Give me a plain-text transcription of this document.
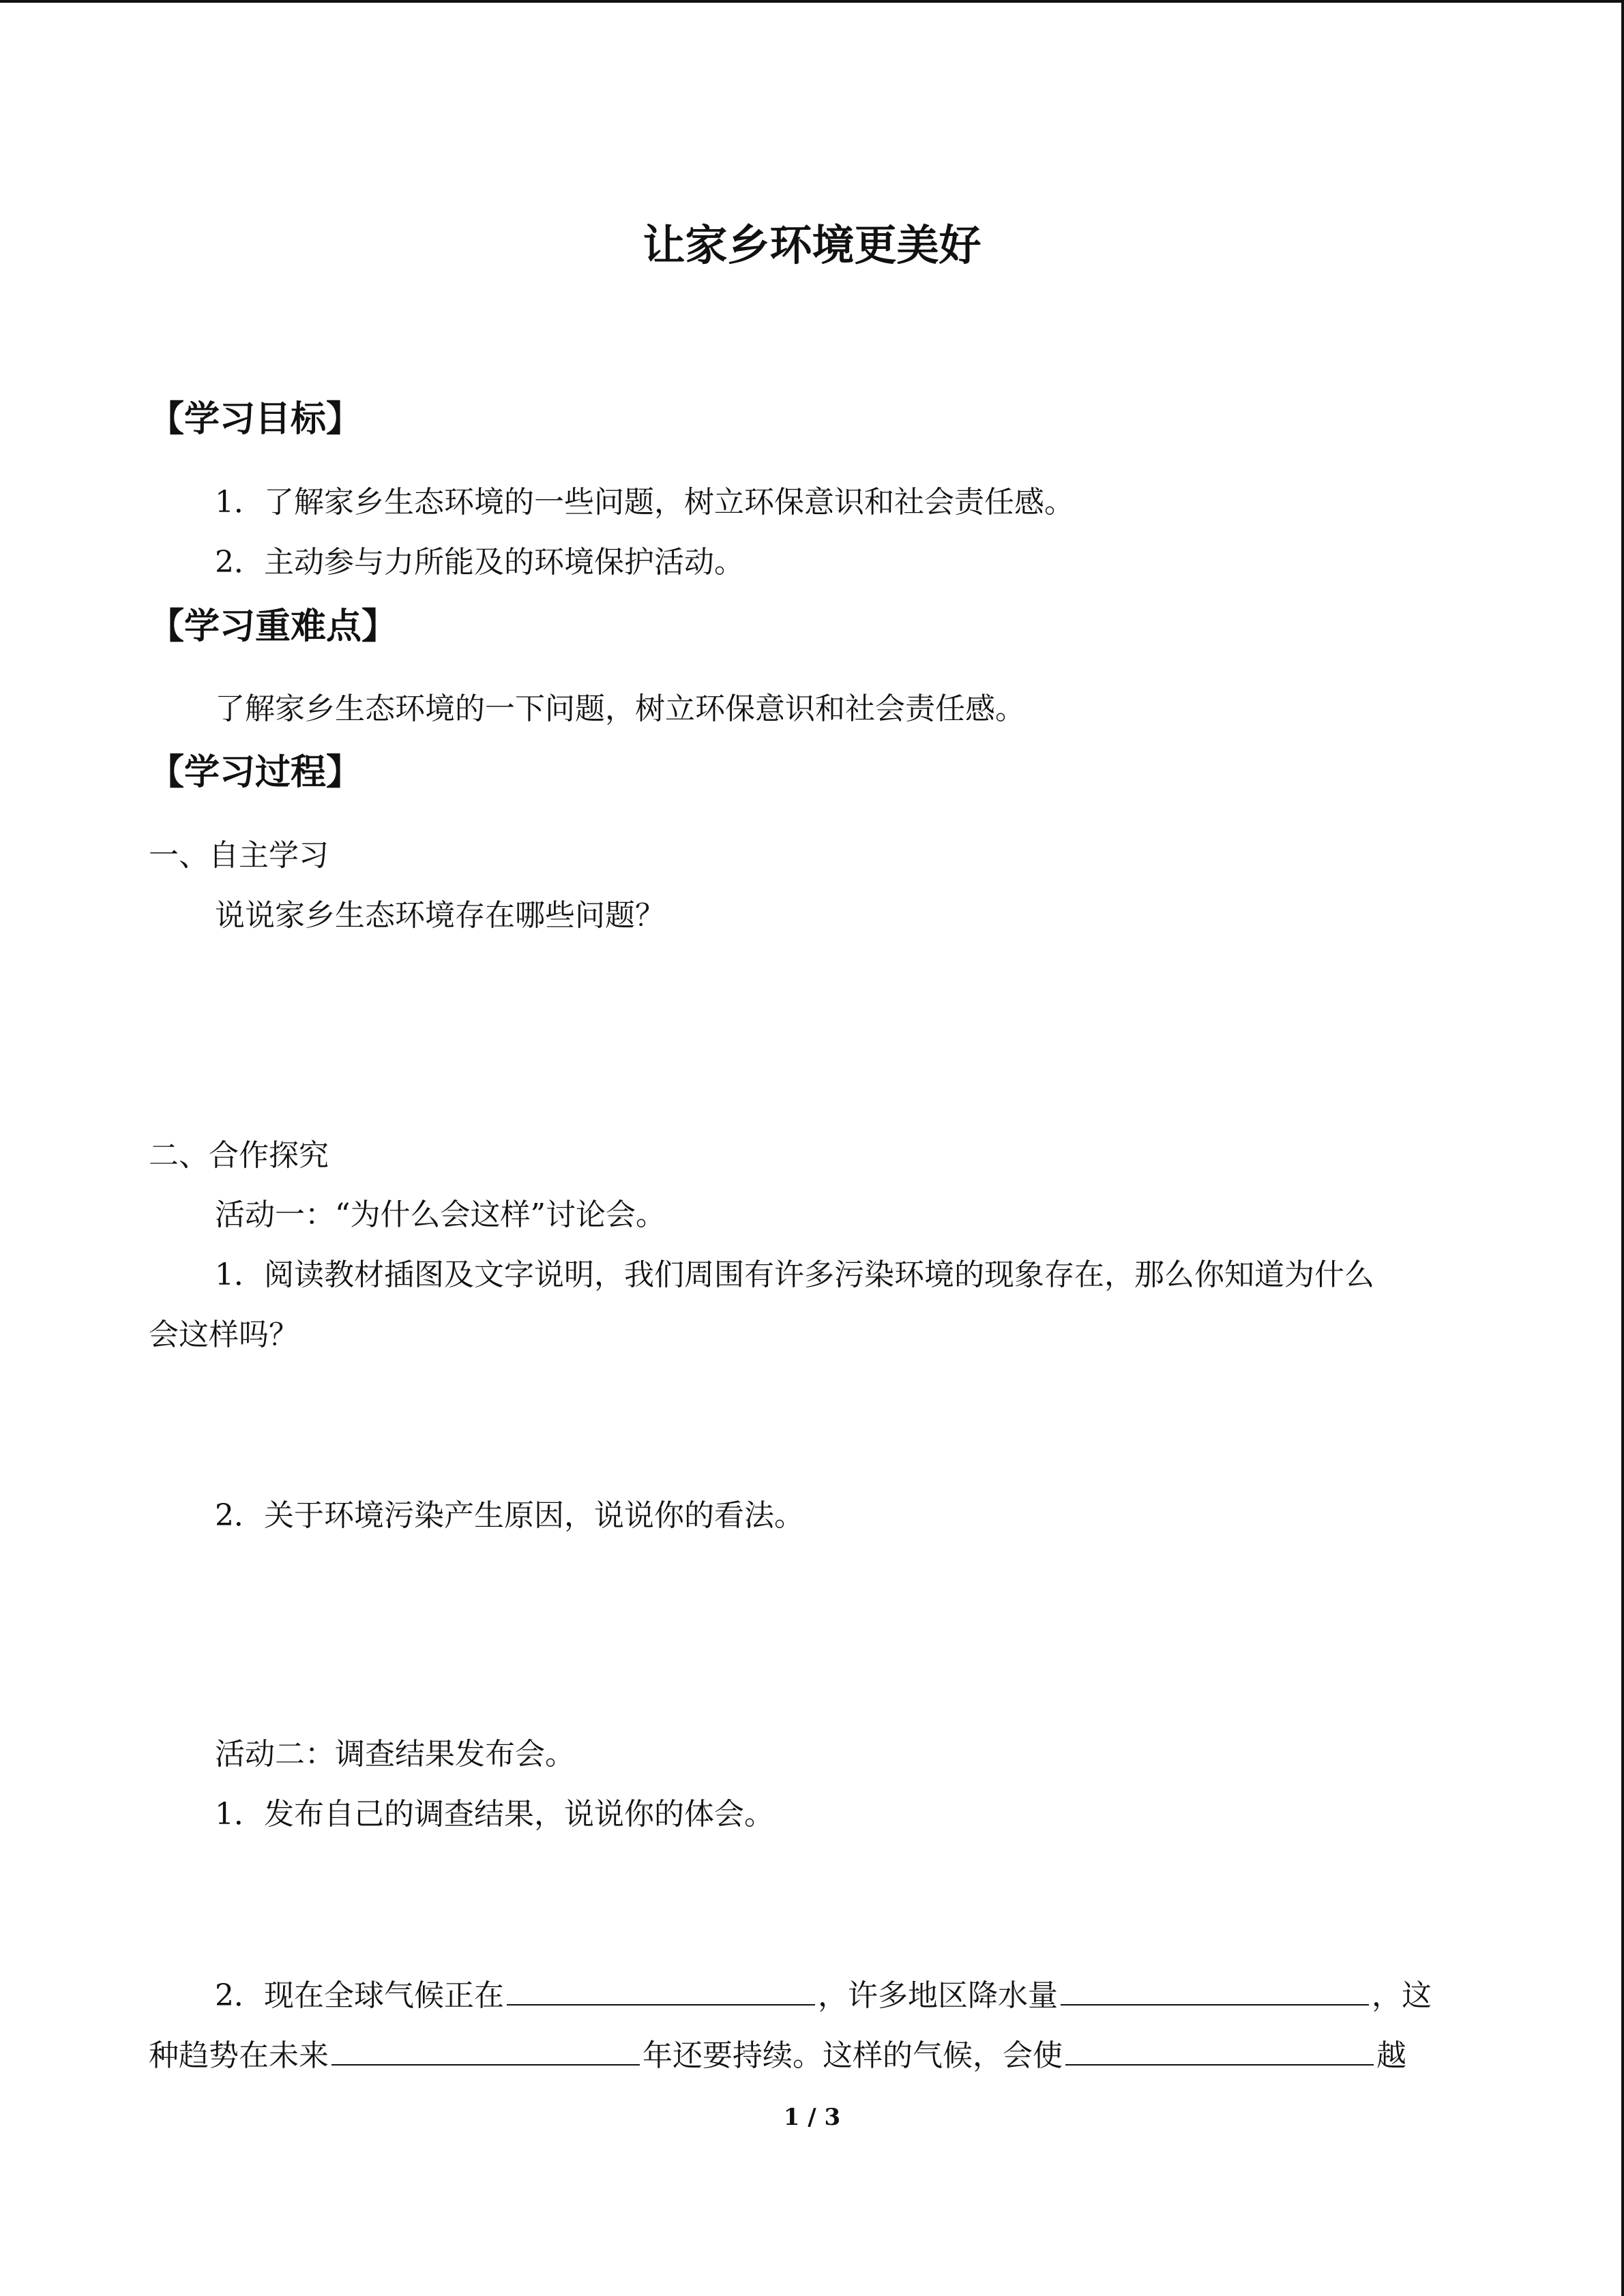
让家乡环境更美好
【学习目标】
1．了解家乡生态环境的一些问题，树立环保意识和社会责任感。
2．主动参与力所能及的环境保护活动。
【学习重难点】
了解家乡生态环境的一下问题，树立环保意识和社会责任感。
【学习过程】
一、自主学习
说说家乡生态环境存在哪些问题？
二、合作探究
活动一：“为什么会这样”讨论会。
1．阅读教材插图及文字说明，我们周围有许多污染环境的现象存在，那么你知道为什么
会这样吗？
2．关于环境污染产生原因，说说你的看法。
活动二：调查结果发布会。
1．发布自己的调查结果，说说你的体会。
2．现在全球气候正在	，许多地区降水量	，这
种趋势在未来	年还要持续。这样的气候，会使	越
1 / 3
